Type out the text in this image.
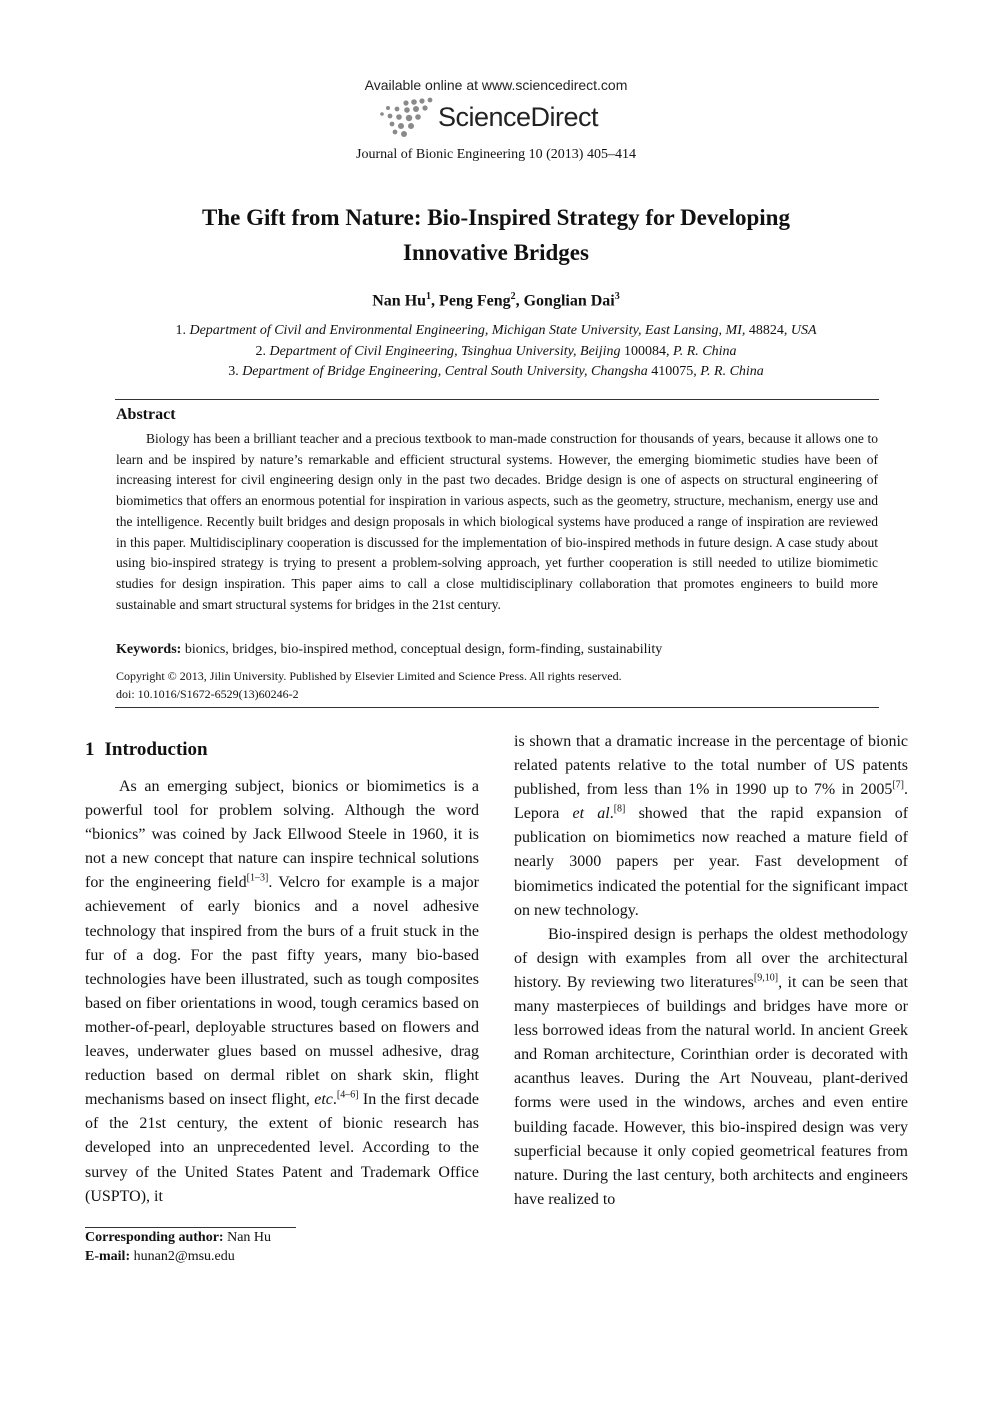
Available online at www.sciencedirect.com
ScienceDirect
Journal of Bionic Engineering 10 (2013) 405–414
The Gift from Nature: Bio-Inspired Strategy for Developing
Innovative Bridges
Nan Hu$^1$, Peng Feng$^2$, Gonglian Dai$^3$
1. Department of Civil and Environmental Engineering, Michigan State University, East Lansing, MI, 48824, USA
2. Department of Civil Engineering, Tsinghua University, Beijing 100084, P. R. China
3. Department of Bridge Engineering, Central South University, Changsha 410075, P. R. China
Abstract
Biology has been a brilliant teacher and a precious textbook to man-made construction for thousands of years, because it allows one to learn and be inspired by nature’s remarkable and efficient structural systems. However, the emerging biomimetic studies have been of increasing interest for civil engineering design only in the past two decades. Bridge design is one of aspects on structural engineering of biomimetics that offers an enormous potential for inspiration in various aspects, such as the geometry, structure, mechanism, energy use and the intelligence. Recently built bridges and design proposals in which biological systems have produced a range of inspiration are reviewed in this paper. Multidisciplinary cooperation is discussed for the implementation of bio-inspired methods in future design. A case study about using bio-inspired strategy is trying to present a problem-solving approach, yet further cooperation is still needed to utilize biomimetic studies for design inspiration. This paper aims to call a close multidisciplinary collaboration that promotes engineers to build more sustainable and smart structural systems for bridges in the 21st century.
Keywords: bionics, bridges, bio-inspired method, conceptual design, form-finding, sustainability
Copyright © 2013, Jilin University. Published by Elsevier Limited and Science Press. All rights reserved.
doi: 10.1016/S1672-6529(13)60246-2
1 Introduction

As an emerging subject, bionics or biomimetics is a powerful tool for problem solving. Although the word “bionics” was coined by Jack Ellwood Steele in 1960, it is not a new concept that nature can inspire technical solutions for the engineering field[1–3]. Velcro for example is a major achievement of early bionics and a novel adhesive technology that inspired from the burs of a fruit stuck in the fur of a dog. For the past fifty years, many bio-based technologies have been illustrated, such as tough composites based on fiber orientations in wood, tough ceramics based on mother-of-pearl, deployable structures based on flowers and leaves, underwater glues based on mussel adhesive, drag reduction based on dermal riblet on shark skin, flight mechanisms based on insect flight, etc.[4–6] In the first decade of the 21st century, the extent of bionic research has developed into an unprecedented level. According to the survey of the United States Patent and Trademark Office (USPTO), it

is shown that a dramatic increase in the percentage of bionic related patents relative to the total number of US patents published, from less than 1% in 1990 up to 7% in 2005[7]. Lepora et al.[8] showed that the rapid expansion of publication on biomimetics now reached a mature field of nearly 3000 papers per year. Fast development of biomimetics indicated the potential for the significant impact on new technology.

Bio-inspired design is perhaps the oldest methodology of design with examples from all over the architectural history. By reviewing two literatures[9,10], it can be seen that many masterpieces of buildings and bridges have more or less borrowed ideas from the natural world. In ancient Greek and Roman architecture, Corinthian order is decorated with acanthus leaves. During the Art Nouveau, plant-derived forms were used in the windows, arches and even entire building facade. However, this bio-inspired design was very superficial because it only copied geometrical features from nature. During the last century, both architects and engineers have realized to

Corresponding author: Nan Hu
E-mail: hunan2@msu.edu
